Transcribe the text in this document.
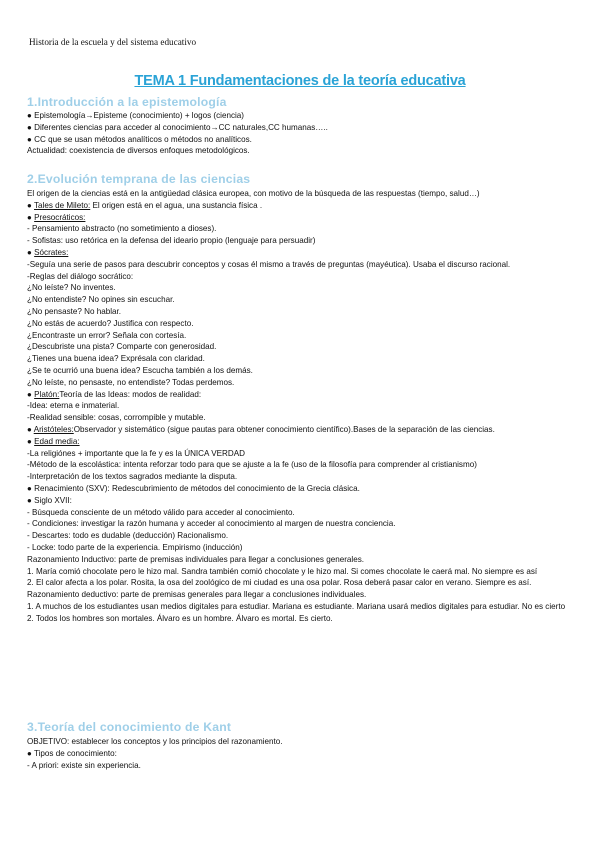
Historia de la escuela y del sistema educativo
TEMA 1 Fundamentaciones de la teoría educativa
1.Introducción a la epistemología
● Epistemología→Episteme (conocimiento) + logos (ciencia)
● Diferentes ciencias para acceder al conocimiento→CC naturales,CC humanas…..
● CC que se usan métodos analíticos o métodos no analíticos.
Actualidad: coexistencia de diversos enfoques metodológicos.
2.Evolución temprana de las ciencias
El origen de la ciencias está en la antigüedad clásica europea, con motivo de la búsqueda de las respuestas (tiempo, salud…)
● Tales de Mileto: El origen está en el agua, una sustancia física .
● Presocráticos:
- Pensamiento abstracto (no sometimiento a dioses).
- Sofistas: uso retórica en la defensa del ideario propio (lenguaje para persuadir)
● Sócrates:
-Seguía una serie de pasos para descubrir conceptos y cosas él mismo a través de preguntas (mayéutica). Usaba el discurso racional.
-Reglas del diálogo socrático:
¿No leíste? No inventes.
¿No entendiste? No opines sin escuchar.
¿No pensaste? No hablar.
¿No estás de acuerdo? Justifica con respecto.
¿Encontraste un error? Señala con cortesía.
¿Descubriste una pista? Comparte con generosidad.
¿Tienes una buena idea? Exprésala con claridad.
¿Se te ocurrió una buena idea? Escucha también a los demás.
¿No leíste, no pensaste, no entendiste? Todas perdemos.
● Platón:Teoría de las Ideas: modos de realidad:
-Idea: eterna e inmaterial.
-Realidad sensible: cosas, corrompible y mutable.
● Aristóteles:Observador y sistemático (sigue pautas para obtener conocimiento científico).Bases de la separación de las ciencias.
● Edad media:
-La religiónes + importante que la fe y es la ÚNICA VERDAD
-Método de la escolástica: intenta reforzar todo para que se ajuste a la fe (uso de la filosofía para comprender al cristianismo)
-Interpretación de los textos sagrados mediante la disputa.
● Renacimiento (SXV): Redescubrimiento de métodos del conocimiento de la Grecia clásica.
● Siglo XVII:
- Búsqueda consciente de un método válido para acceder al conocimiento.
- Condiciones: investigar la razón humana y acceder al conocimiento al margen de nuestra conciencia.
- Descartes: todo es dudable (deducción) Racionalismo.
- Locke: todo parte de la experiencia. Empirismo (inducción)
Razonamiento Inductivo: parte de premisas individuales para llegar a conclusiones generales.
1. María comió chocolate pero le hizo mal. Sandra también comió chocolate y le hizo mal. Si comes chocolate le caerá mal. No siempre es así
2. El calor afecta a los polar. Rosita, la osa del zoológico de mi ciudad es una osa polar. Rosa deberá pasar calor en verano. Siempre es así.
Razonamiento deductivo: parte de premisas generales para llegar a conclusiones individuales.
1. A muchos de los estudiantes usan medios digitales para estudiar. Mariana es estudiante. Mariana usará medios digitales para estudiar. No es cierto
2. Todos los hombres son mortales. Álvaro es un hombre. Álvaro es mortal. Es cierto.
3.Teoría del conocimiento de Kant
OBJETIVO: establecer los conceptos y los principios del razonamiento.
● Tipos de conocimiento:
- A priori: existe sin experiencia.
